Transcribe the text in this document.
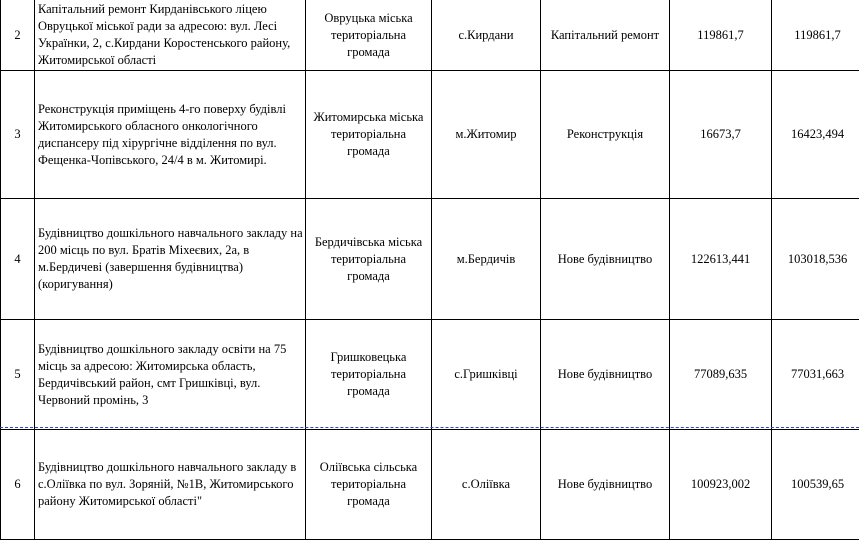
2	Капітальний ремонт Кирданівського ліцею Овруцької міської ради за адресою: вул. Лесі Українки, 2, с.Кирдани Коростенського району, Житомирської області	Овруцька міська територіальна громада	с.Кирдани	Капітальний ремонт	119861,7	119861,7
3	Реконструкція приміщень 4-го поверху будівлі Житомирського обласного онкологічного диспансеру під хірургічне відділення по вул. Фещенка-Чопівського, 24/4 в м. Житомирі.	Житомирська міська територіальна громада	м.Житомир	Реконструкція	16673,7	16423,494
4	Будівництво дошкільного навчального закладу на 200 місць по вул. Братів Міхеєвих, 2а, в м.Бердичеві (завершення будівництва) (коригування)	Бердичівська міська територіальна громада	м.Бердичів	Нове будівництво	122613,441	103018,536
5	Будівництво дошкільного закладу освіти на 75 місць за адресою: Житомирська область, Бердичівський район, смт Гришківці, вул. Червоний промінь, 3	Гришковецька територіальна громада	с.Гришківці	Нове будівництво	77089,635	77031,663
6	Будівництво дошкільного навчального закладу в с.Оліївка по вул. Зоряній, №1В, Житомирського району Житомирської області"	Оліївська сільська територіальна громада	с.Оліївка	Нове будівництво	100923,002	100539,65
